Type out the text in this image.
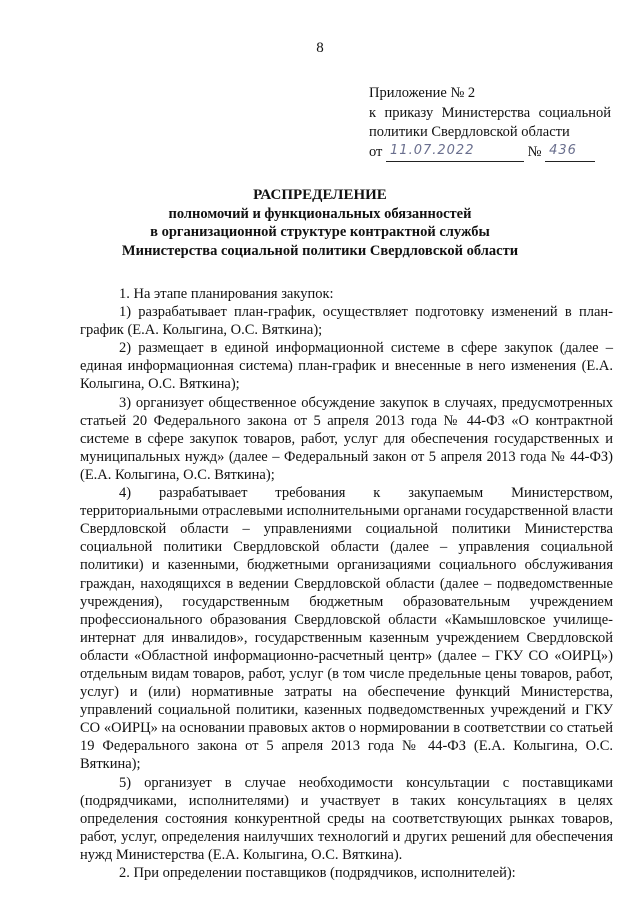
8
Приложение № 2
к приказу Министерства социальной
политики Свердловской области
от 11.07.2022	№ 436
РАСПРЕДЕЛЕНИЕ
полномочий и функциональных обязанностей
в организационной структуре контрактной службы
Министерства социальной политики Свердловской области

1. На этапе планирования закупок:

1) разрабатывает план-график, осуществляет подготовку изменений в план-график (Е.А. Колыгина, О.С. Вяткина);

2) размещает в единой информационной системе в сфере закупок (далее – единая информационная система) план-график и внесенные в него изменения (Е.А. Колыгина, О.С. Вяткина);

3) организует общественное обсуждение закупок в случаях, предусмотренных статьей 20 Федерального закона от 5 апреля 2013 года № 44-ФЗ «О контрактной системе в сфере закупок товаров, работ, услуг для обеспечения государственных и муниципальных нужд» (далее – Федеральный закон от 5 апреля 2013 года № 44-ФЗ) (Е.А. Колыгина, О.С. Вяткина);

4) разрабатывает требования к закупаемым Министерством, территориальными отраслевыми исполнительными органами государственной власти Свердловской области – управлениями социальной политики Министерства социальной политики Свердловской области (далее – управления социальной политики) и казенными, бюджетными организациями социального обслуживания граждан, находящихся в ведении Свердловской области (далее – подведомственные учреждения), государственным бюджетным образовательным учреждением профессионального образования Свердловской области «Камышловское училище-интернат для инвалидов», государственным казенным учреждением Свердловской области «Областной информационно-расчетный центр» (далее – ГКУ СО «ОИРЦ») отдельным видам товаров, работ, услуг (в том числе предельные цены товаров, работ, услуг) и (или) нормативные затраты на обеспечение функций Министерства, управлений социальной политики, казенных подведомственных учреждений и ГКУ СО «ОИРЦ» на основании правовых актов о нормировании в соответствии со статьей 19 Федерального закона от 5 апреля 2013 года № 44-ФЗ (Е.А. Колыгина, О.С. Вяткина);

5) организует в случае необходимости консультации с поставщиками (подрядчиками, исполнителями) и участвует в таких консультациях в целях определения состояния конкурентной среды на соответствующих рынках товаров, работ, услуг, определения наилучших технологий и других решений для обеспечения нужд Министерства (Е.А. Колыгина, О.С. Вяткина).

2. При определении поставщиков (подрядчиков, исполнителей):
